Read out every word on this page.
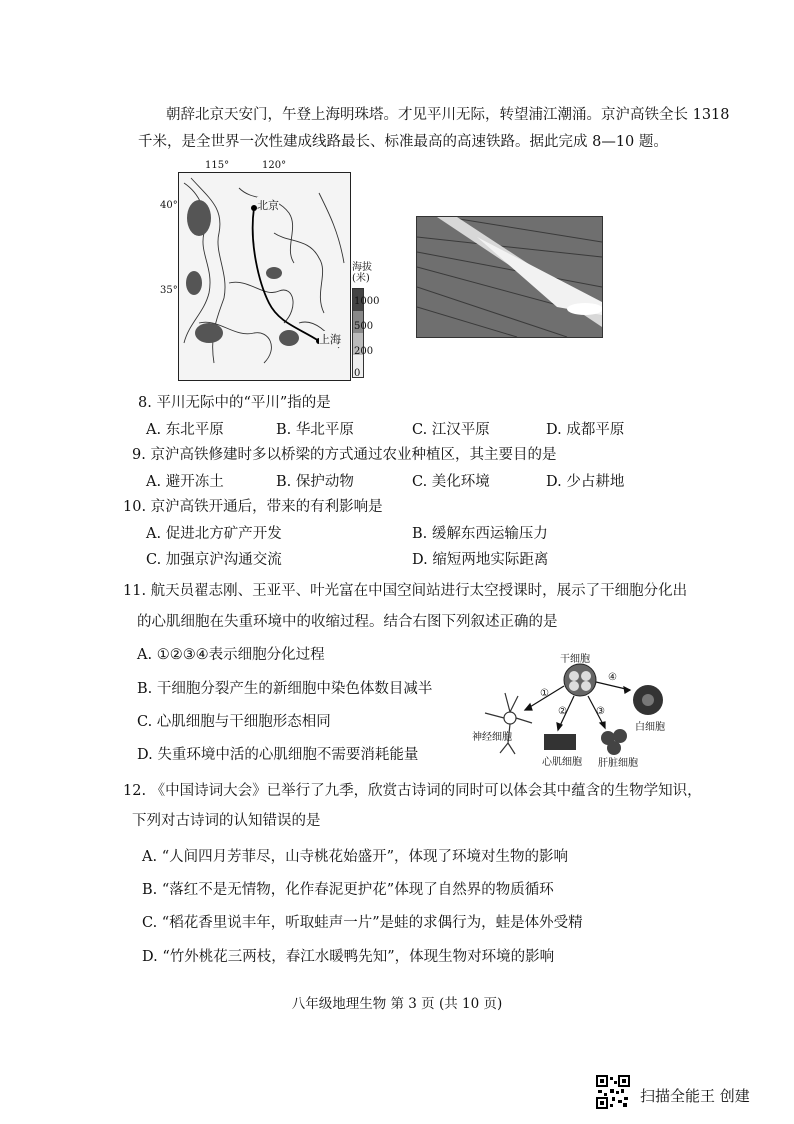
朝辞北京天安门，午登上海明珠塔。才见平川无际，转望浦江潮涌。京沪高铁全长 1318
千米，是全世界一次性建成线路最长、标准最高的高速铁路。据此完成 8—10 题。
115°	120°
40°
35°
北京
上海
海拔(米)
1000
500
200
0
8. 平川无际中的“平川”指的是
A. 东北平原	B. 华北平原	C. 江汉平原	D. 成都平原
9. 京沪高铁修建时多以桥梁的方式通过农业种植区，其主要目的是
A. 避开冻土	B. 保护动物	C. 美化环境	D. 少占耕地
10. 京沪高铁开通后，带来的有利影响是
A. 促进北方矿产开发	B. 缓解东西运输压力
C. 加强京沪沟通交流	D. 缩短两地实际距离
11. 航天员翟志刚、王亚平、叶光富在中国空间站进行太空授课时，展示了干细胞分化出
的心肌细胞在失重环境中的收缩过程。结合右图下列叙述正确的是
A. ①②③④表示细胞分化过程
B. 干细胞分裂产生的新细胞中染色体数目减半
C. 心肌细胞与干细胞形态相同
D. 失重环境中活的心肌细胞不需要消耗能量
干细胞
神经细胞
心肌细胞 肝脏细胞
白细胞
①
②	③
④
12. 《中国诗词大会》已举行了九季，欣赏古诗词的同时可以体会其中蕴含的生物学知识，
下列对古诗词的认知错误的是
A. “人间四月芳菲尽，山寺桃花始盛开”，体现了环境对生物的影响
B. “落红不是无情物，化作春泥更护花”体现了自然界的物质循环
C. “稻花香里说丰年，听取蛙声一片”是蛙的求偶行为，蛙是体外受精
D. “竹外桃花三两枝，春江水暖鸭先知”，体现生物对环境的影响
八年级地理生物 第 3 页 (共 10 页)
扫描全能王 创建
